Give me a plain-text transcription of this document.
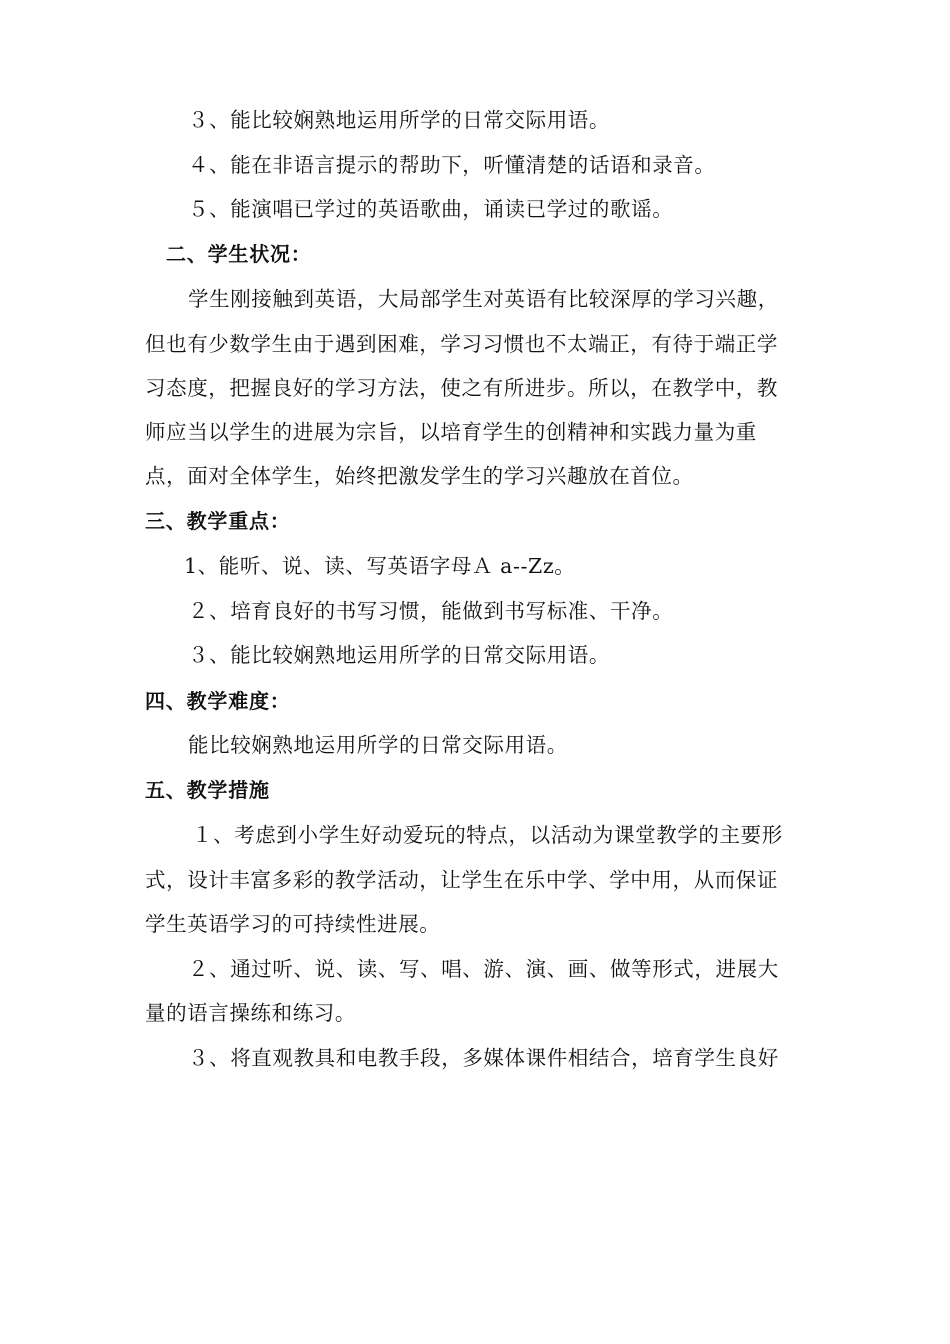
３、能比较娴熟地运用所学的日常交际用语。
４、能在非语言提示的帮助下，听懂清楚的话语和录音。
５、能演唱已学过的英语歌曲，诵读已学过的歌谣。
二、学生状况：
学生刚接触到英语，大局部学生对英语有比较深厚的学习兴趣，
但也有少数学生由于遇到困难，学习习惯也不太端正，有待于端正学
习态度，把握良好的学习方法，使之有所进步。所以，在教学中，教
师应当以学生的进展为宗旨，以培育学生的创精神和实践力量为重
点，面对全体学生，始终把激发学生的学习兴趣放在首位。
三、教学重点：
1、能听、说、读、写英语字母Ａ a--Zz。
２、培育良好的书写习惯，能做到书写标准、干净。
３、能比较娴熟地运用所学的日常交际用语。
四、教学难度：
能比较娴熟地运用所学的日常交际用语。
五、教学措施
１、考虑到小学生好动爱玩的特点，以活动为课堂教学的主要形
式，设计丰富多彩的教学活动，让学生在乐中学、学中用，从而保证
学生英语学习的可持续性进展。
２、通过听、说、读、写、唱、游、演、画、做等形式，进展大
量的语言操练和练习。
３、将直观教具和电教手段，多媒体课件相结合，培育学生良好
